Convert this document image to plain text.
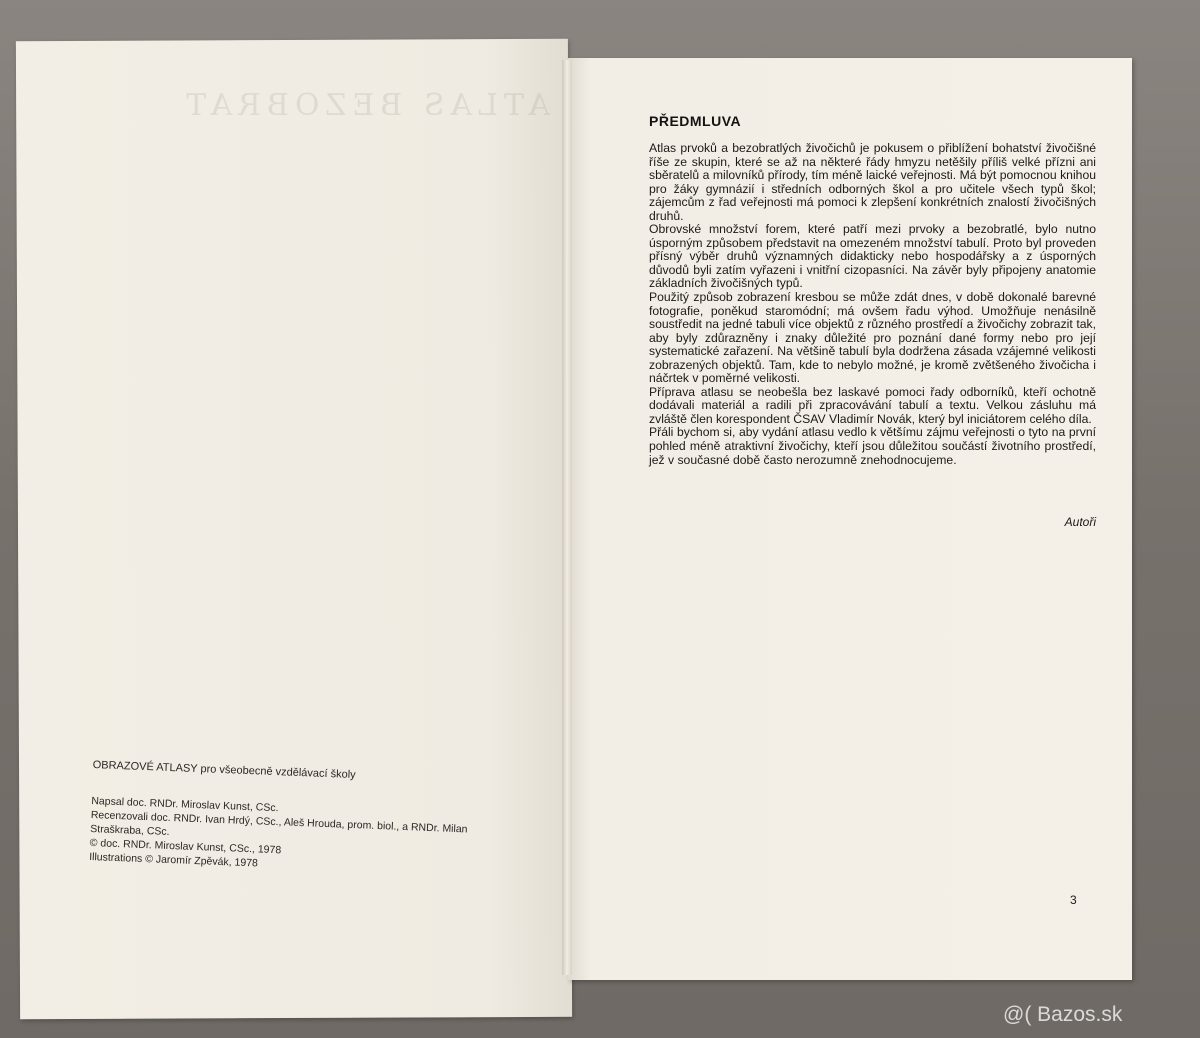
ATLAS BEZOBRAT
OBRAZOVÉ ATLASY pro všeobecně vzdělávací školy

Napsal doc. RNDr. Miroslav Kunst, CSc.

Recenzovali doc. RNDr. Ivan Hrdý, CSc., Aleš Hrouda, prom. biol., a RNDr. Milan Straškraba, CSc.

© doc. RNDr. Miroslav Kunst, CSc., 1978

Illustrations © Jaromír Zpěvák, 1978

PŘEDMLUVA

Atlas prvoků a bezobratlých živočichů je pokusem o přiblížení bohatství živočišné říše ze skupin, které se až na některé řády hmyzu netěšily příliš velké přízni ani sběratelů a milovníků přírody, tím méně laické veřejnosti. Má být pomocnou knihou pro žáky gymnázií i středních odborných škol a pro učitele všech typů škol; zájemcům z řad veřejnosti má pomoci k zlepšení konkrétních znalostí živočišných druhů.

Obrovské množství forem, které patří mezi prvoky a bezobratlé, bylo nutno úsporným způsobem představit na omezeném množství tabulí. Proto byl proveden přísný výběr druhů významných didakticky nebo hospodářsky a z úsporných důvodů byli zatím vyřazeni i vnitřní cizopasníci. Na závěr byly připojeny anatomie základních živočišných typů.

Použitý způsob zobrazení kresbou se může zdát dnes, v době dokonalé barevné fotografie, poněkud staromódní; má ovšem řadu výhod. Umožňuje nenásilně soustředit na jedné tabuli více objektů z různého prostředí a živočichy zobrazit tak, aby byly zdůrazněny i znaky důležité pro poznání dané formy nebo pro její systematické zařazení. Na většině tabulí byla dodržena zásada vzájemné velikosti zobrazených objektů. Tam, kde to nebylo možné, je kromě zvětšeného živočicha i náčrtek v poměrné velikosti.

Příprava atlasu se neobešla bez laskavé pomoci řady odborníků, kteří ochotně dodávali materiál a radili při zpracovávání tabulí a textu. Velkou zásluhu má zvláště člen korespondent ČSAV Vladimír Novák, který byl iniciátorem celého díla.

Přáli bychom si, aby vydání atlasu vedlo k většímu zájmu veřejnosti o tyto na první pohled méně atraktivní živočichy, kteří jsou důležitou součástí životního prostředí, jež v současné době často nerozumně znehodnocujeme.

Autoři
3
@( Bazos.sk
